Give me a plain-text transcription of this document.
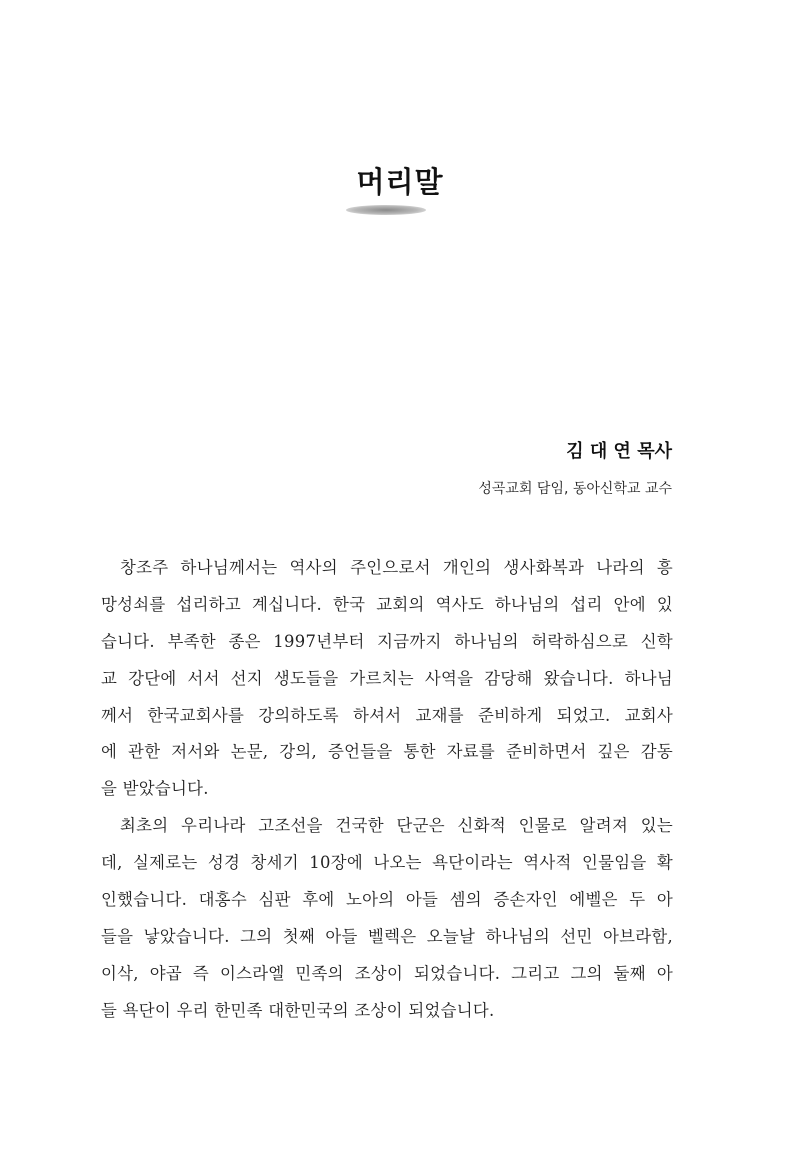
머리말
김 대 연 목사
성곡교회 담임, 동아신학교 교수
창조주 하나님께서는 역사의 주인으로서 개인의 생사화복과 나라의 흥
망성쇠를 섭리하고 계십니다. 한국 교회의 역사도 하나님의 섭리 안에 있
습니다. 부족한 종은 1997년부터 지금까지 하나님의 허락하심으로 신학
교 강단에 서서 선지 생도들을 가르치는 사역을 감당해 왔습니다. 하나님
께서 한국교회사를 강의하도록 하셔서 교재를 준비하게 되었고. 교회사
에 관한 저서와 논문, 강의, 증언들을 통한 자료를 준비하면서 깊은 감동
을 받았습니다.
최초의 우리나라 고조선을 건국한 단군은 신화적 인물로 알려져 있는
데, 실제로는 성경 창세기 10장에 나오는 욕단이라는 역사적 인물임을 확
인했습니다. 대홍수 심판 후에 노아의 아들 셈의 증손자인 에벨은 두 아
들을 낳았습니다. 그의 첫째 아들 벨렉은 오늘날 하나님의 선민 아브라함,
이삭, 야곱 즉 이스라엘 민족의 조상이 되었습니다. 그리고 그의 둘째 아
들 욕단이 우리 한민족 대한민국의 조상이 되었습니다.
